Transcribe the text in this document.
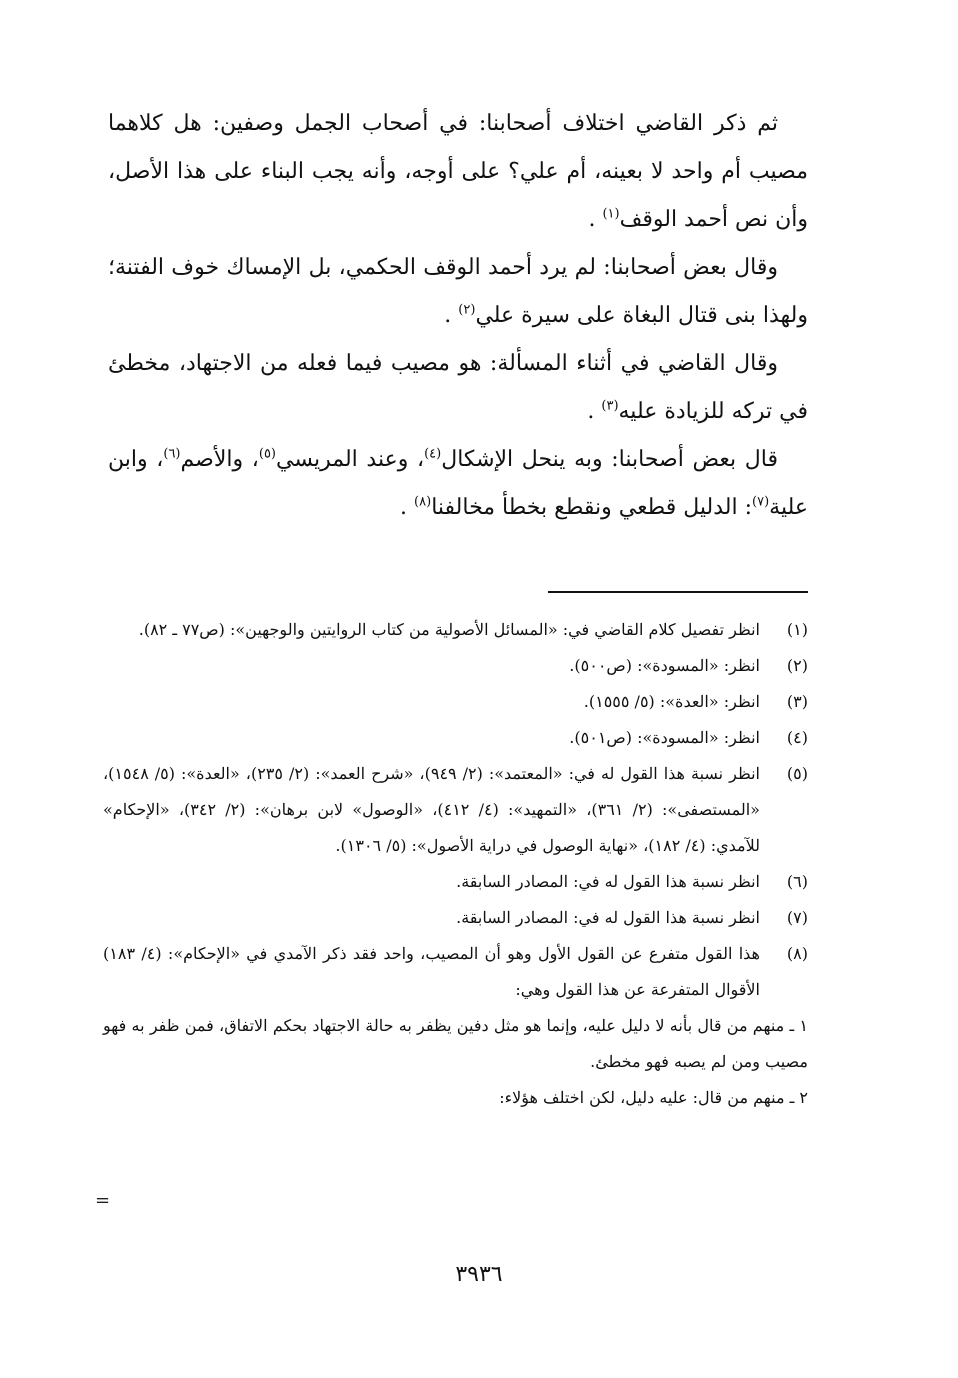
ثم ذكر القاضي اختلاف أصحابنا: في أصحاب الجمل وصفين: هل كلاهما مصيب أم واحد لا بعينه، أم علي؟ على أوجه، وأنه يجب البناء على هذا الأصل، وأن نص أحمد الوقف$^{(١)}$ .

وقال بعض أصحابنا: لم يرد أحمد الوقف الحكمي، بل الإمساك خوف الفتنة؛ ولهذا بنى قتال البغاة على سيرة علي$^{(٢)}$ .

وقال القاضي في أثناء المسألة: هو مصيب فيما فعله من الاجتهاد، مخطئ في تركه للزيادة عليه$^{(٣)}$ .

قال بعض أصحابنا: وبه ينحل الإشكال$^{(٤)}$، وعند المريسي$^{(٥)}$، والأصم$^{(٦)}$، وابن علية$^{(٧)}$: الدليل قطعي ونقطع بخطأ مخالفنا$^{(٨)}$ .

(١)
انظر تفصيل كلام القاضي في: «المسائل الأصولية من كتاب الروايتين والوجهين»: (ص٧٧ ـ ٨٢).
(٢)
انظر: «المسودة»: (ص٥٠٠).
(٣)
انظر: «العدة»: (٥/ ١٥٥٥).
(٤)
انظر: «المسودة»: (ص٥٠١).
(٥)
انظر نسبة هذا القول له في: «المعتمد»: (٢/ ٩٤٩)، «شرح العمد»: (٢/ ٢٣٥)، «العدة»: (٥/ ١٥٤٨)، «المستصفى»: (٢/ ٣٦١)، «التمهيد»: (٤/ ٤١٢)، «الوصول» لابن برهان»: (٢/ ٣٤٢)، «الإحكام» للآمدي: (٤/ ١٨٢)، «نهاية الوصول في دراية الأصول»: (٥/ ١٣٠٦).
(٦)
انظر نسبة هذا القول له في: المصادر السابقة.
(٧)
انظر نسبة هذا القول له في: المصادر السابقة.
(٨)
هذا القول متفرع عن القول الأول وهو أن المصيب، واحد فقد ذكر الآمدي في «الإحكام»: (٤/ ١٨٣) الأقوال المتفرعة عن هذا القول وهي:
١ ـ منهم من قال بأنه لا دليل عليه، وإنما هو مثل دفين يظفر به حالة الاجتهاد بحكم الاتفاق، فمن ظفر به فهو مصيب ومن لم يصبه فهو مخطئ.
٢ ـ منهم من قال: عليه دليل، لكن اختلف هؤلاء:
=
٣٩٣٦
